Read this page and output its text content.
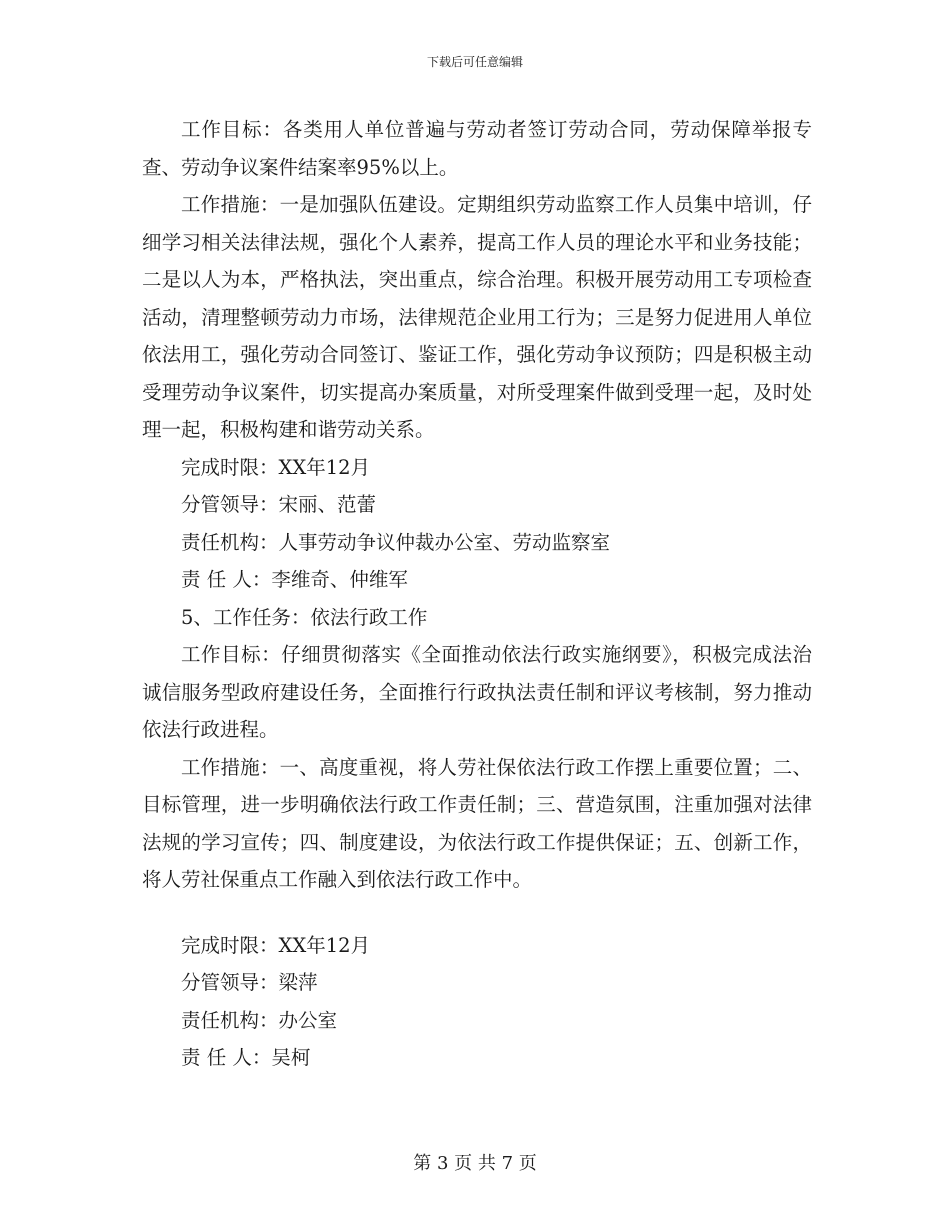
下载后可任意编辑

工作目标：各类用人单位普遍与劳动者签订劳动合同，劳动保障举报专查、劳动争议案件结案率95%以上。

工作措施：一是加强队伍建设。定期组织劳动监察工作人员集中培训，仔细学习相关法律法规，强化个人素养，提高工作人员的理论水平和业务技能；二是以人为本，严格执法，突出重点，综合治理。积极开展劳动用工专项检查活动，清理整顿劳动力市场，法律规范企业用工行为；三是努力促进用人单位依法用工，强化劳动合同签订、鉴证工作，强化劳动争议预防；四是积极主动受理劳动争议案件，切实提高办案质量，对所受理案件做到受理一起，及时处理一起，积极构建和谐劳动关系。

完成时限：XX年12月

分管领导：宋丽、范蕾

责任机构：人事劳动争议仲裁办公室、劳动监察室

责 任 人：李维奇、仲维军

5、工作任务：依法行政工作

工作目标：仔细贯彻落实《全面推动依法行政实施纲要》，积极完成法治诚信服务型政府建设任务，全面推行行政执法责任制和评议考核制，努力推动依法行政进程。

工作措施：一、高度重视，将人劳社保依法行政工作摆上重要位置；二、目标管理，进一步明确依法行政工作责任制；三、营造氛围，注重加强对法律法规的学习宣传；四、制度建设，为依法行政工作提供保证；五、创新工作，将人劳社保重点工作融入到依法行政工作中。

完成时限：XX年12月

分管领导：梁萍

责任机构：办公室

责 任 人：吴柯

第 3 页 共 7 页
